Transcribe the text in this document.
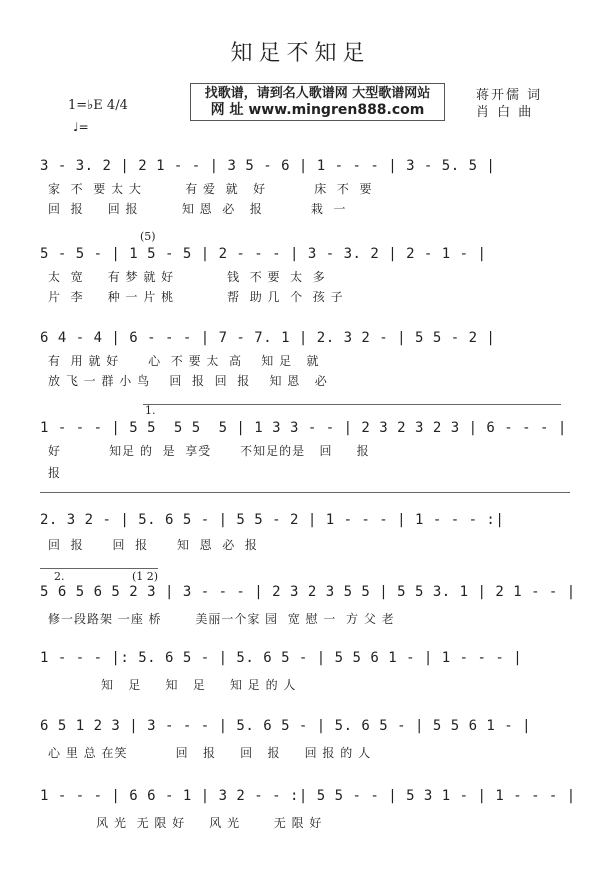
知足不知足
1=♭E 4/4
♩=
找歌谱，请到名人歌谱网 大型歌谱网站
网 址 www.mingren888.com
蒋开儒 词
肖 白 曲
3 - 3. 2 | 2 1 - - | 3 5 - 6 | 1 - - - | 3 - 5. 5 |
家  不  要 太 大         有 爱  就   好          床  不  要
回  报     回 报         知 恩  必   报          栽  一
(5)
5 - 5 - | 1 5 - 5 | 2 - - - | 3 - 3. 2 | 2 - 1 - |
太  宽     有 梦 就 好           钱  不 要  太  多
片  李     种 一 片 桃           帮  助 几  个  孩 子
6 4 - 4 | 6 - - - | 7 - 7. 1 | 2. 3 2 - | 5 5 - 2 |
有  用 就 好      心  不 要 太  高    知 足   就
放 飞 一 群 小 鸟    回  报  回  报    知 恩   必
1.
1 - - - | 5 5  5 5  5 | 1 3 3 - - | 2 3 2 3 2 3 | 6 - - - |
好          知足 的  是  享受      不知足的是   回     报
报
2. 3 2 - | 5. 6 5 - | 5 5 - 2 | 1 - - - | 1 - - - :|
回  报      回  报      知  恩  必  报
2.	(1 2)
5 6 5 6 5 2 3 | 3 - - - | 2 3 2 3 5 5 | 5 5 3. 1 | 2 1 - - |
修一段路架 一座 桥       美丽一个家 园  宽 慰 一  方 父 老
1 - - - |: 5. 6 5 - | 5. 6 5 - | 5 5 6 1 - | 1 - - - |
知   足     知   足     知 足 的 人
6 5 1 2 3 | 3 - - - | 5. 6 5 - | 5. 6 5 - | 5 5 6 1 - |
心 里 总 在笑          回   报     回   报     回 报 的 人
1 - - - | 6 6 - 1 | 3 2 - - :| 5 5 - - | 5 3 1 - | 1 - - - |
风 光  无 限 好     风 光       无 限 好
